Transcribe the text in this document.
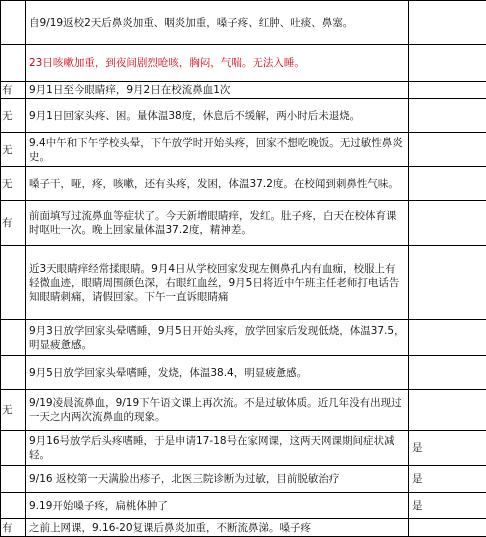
	自9/19返校2天后鼻炎加重、咽炎加重，嗓子疼、红肿、吐痰、鼻塞。	
	23日咳嗽加重，到夜间剧烈呛咳，胸闷，气喘。无法入睡。	
有	9月1日至今眼睛痒，9月2日在校流鼻血1次	
无	9月1日回家头疼、困。量体温38度，休息后不缓解，两小时后未退烧。	
无	9.4中午和下午学校头晕，下午放学时开始头疼，回家不想吃晚饭。无过敏性鼻炎史。	
无	嗓子干，哑，疼，咳嗽，还有头疼，发困，体温37.2度。在校闻到刺鼻性气味。	
有	前面填写过流鼻血等症状了。今天新增眼睛痒，发红。肚子疼，白天在校体育课时呕吐一次。晚上回家量体温37.2度，精神差。	
	近3天眼睛痒经常揉眼睛。9月4日从学校回家发现左侧鼻孔内有血痂，校服上有轻微血迹，眼睛周围颜色深，右眼红血丝，9月5日将近中午班主任老师打电话告知眼睛刺痛，请假回家。下午一直诉眼睛痛	
	9月3日放学回家头晕嗜睡，9月5日开始头疼，放学回家后发现低烧，体温37.5，明显疲惫感。	
	9月5日放学回家头晕嗜睡，发烧，体温38.4，明显疲惫感。	
无	9/19凌晨流鼻血，9/19下午语文课上再次流。不是过敏体质。近几年没有出现过一天之内两次流鼻血的现象。	
	9月16号放学后头疼嗜睡，于是申请17-18号在家网课，这两天网课期间症状减轻。	是
	9/16 返校第一天满脸出疹子，北医三院诊断为过敏，目前脱敏治疗	是
	9.19开始嗓子疼，扁桃体肿了	是
有	之前上网课，9.16-20复课后鼻炎加重，不断流鼻涕。嗓子疼	
